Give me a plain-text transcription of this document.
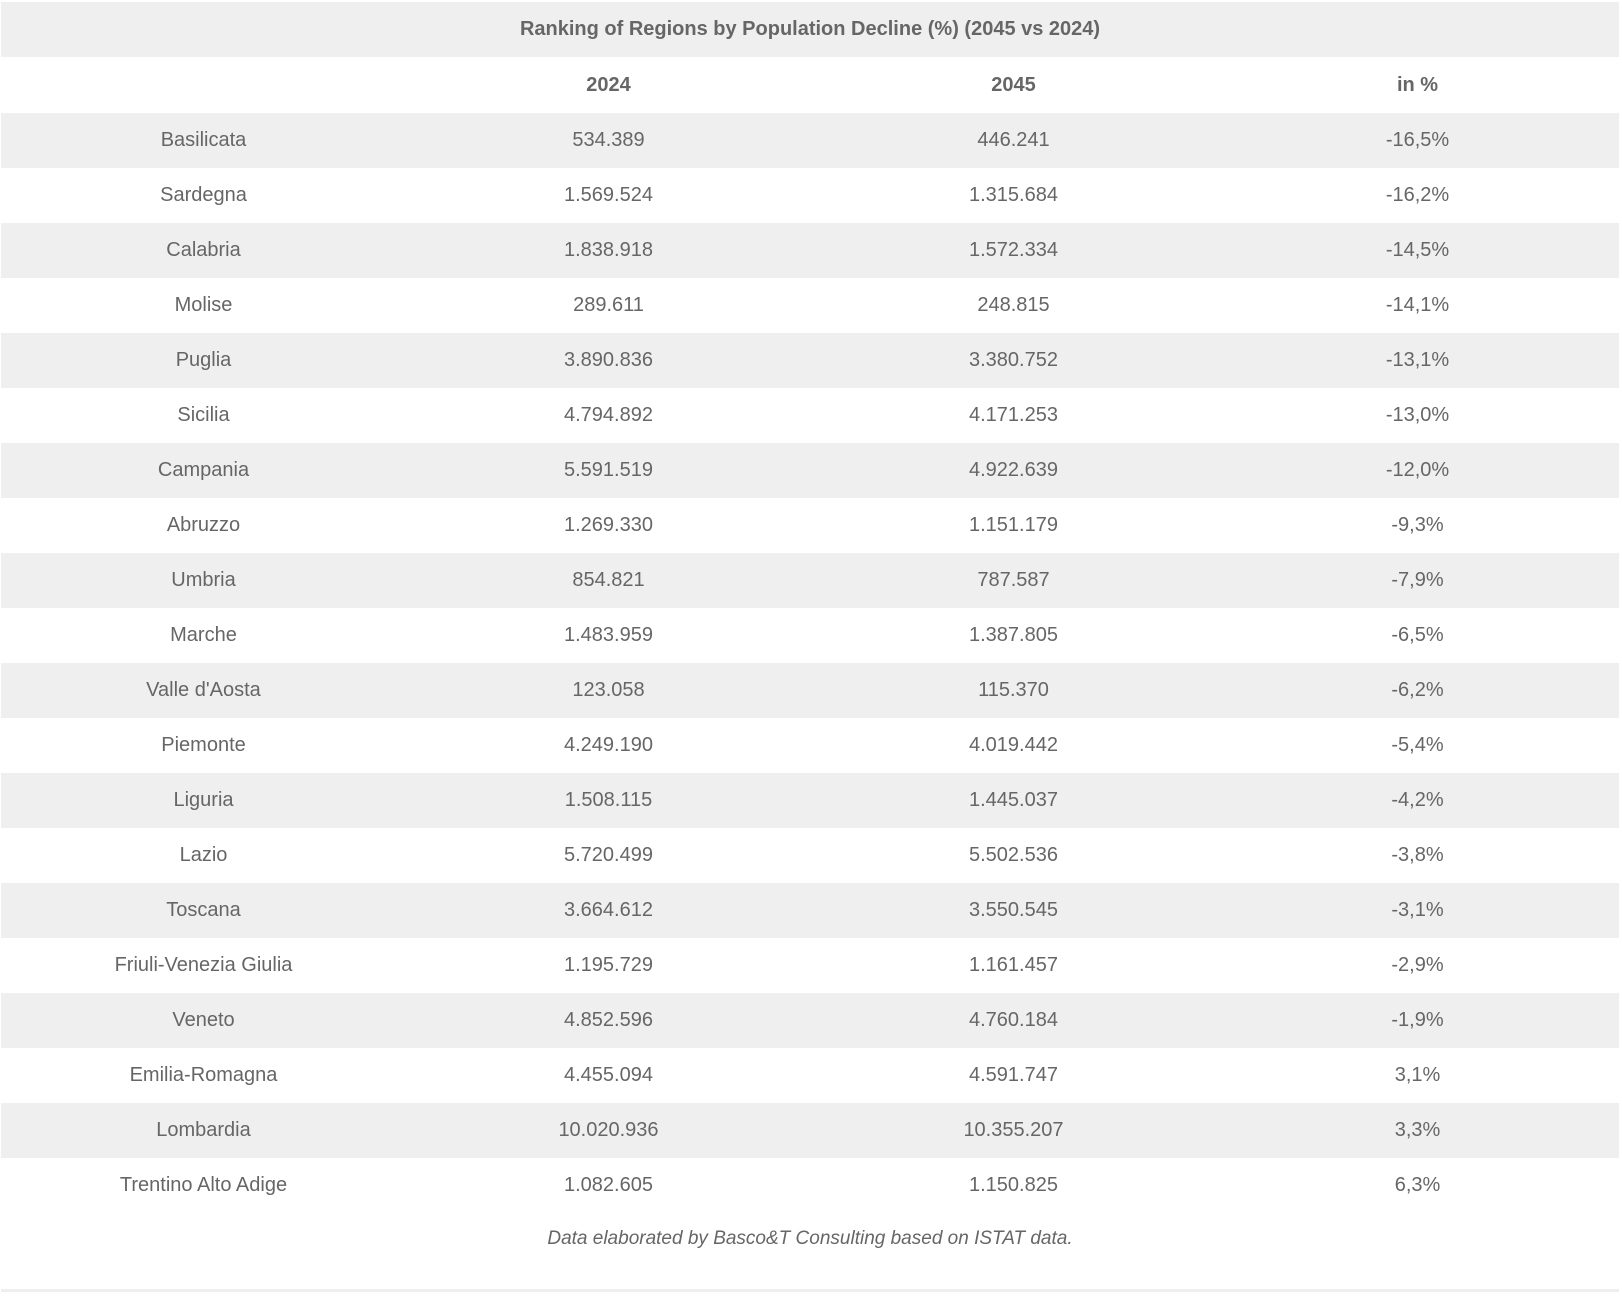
Ranking of Regions by Population Decline (%) (2045 vs 2024)			
	2024	2045	in %
Basilicata	534.389	446.241	-16,5%
Sardegna	1.569.524	1.315.684	-16,2%
Calabria	1.838.918	1.572.334	-14,5%
Molise	289.611	248.815	-14,1%
Puglia	3.890.836	3.380.752	-13,1%
Sicilia	4.794.892	4.171.253	-13,0%
Campania	5.591.519	4.922.639	-12,0%
Abruzzo	1.269.330	1.151.179	-9,3%
Umbria	854.821	787.587	-7,9%
Marche	1.483.959	1.387.805	-6,5%
Valle d'Aosta	123.058	115.370	-6,2%
Piemonte	4.249.190	4.019.442	-5,4%
Liguria	1.508.115	1.445.037	-4,2%
Lazio	5.720.499	5.502.536	-3,8%
Toscana	3.664.612	3.550.545	-3,1%
Friuli-Venezia Giulia	1.195.729	1.161.457	-2,9%
Veneto	4.852.596	4.760.184	-1,9%
Emilia-Romagna	4.455.094	4.591.747	3,1%
Lombardia	10.020.936	10.355.207	3,3%
Trentino Alto Adige	1.082.605	1.150.825	6,3%
Data elaborated by Basco&T Consulting based on ISTAT data.
